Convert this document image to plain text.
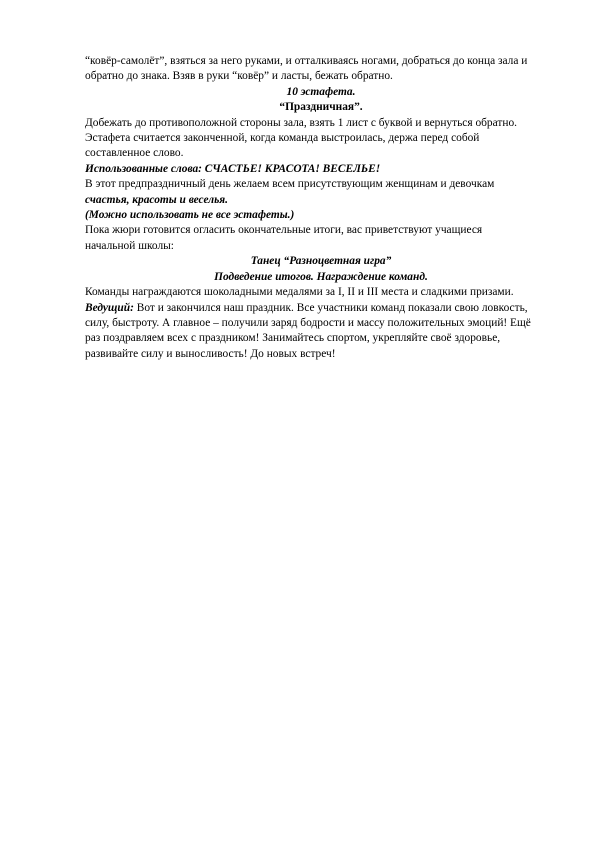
“ковёр-самолёт”, взяться за него руками, и отталкиваясь ногами, добраться до конца зала и
обратно до знака. Взяв в руки “ковёр” и ласты, бежать обратно.
10 эстафета.
“Праздничная”.
Добежать до противоположной стороны зала, взять 1 лист с буквой и вернуться обратно.
Эстафета считается законченной, когда команда выстроилась, держа перед собой
составленное слово.
Использованные слова: СЧАСТЬЕ! КРАСОТА! ВЕСЕЛЬЕ!
В этот предпраздничный день желаем всем присутствующим женщинам и девочкам
счастья, красоты и веселья.
(Можно использовать не все эстафеты.)
Пока жюри готовится огласить окончательные итоги, вас приветствуют учащиеся
начальной школы:
Танец “Разноцветная игра”
Подведение итогов. Награждение команд.
Команды награждаются шоколадными медалями за I, II и III места и сладкими призами.
Ведущий: Вот и закончился наш праздник. Все участники команд показали свою ловкость,
силу, быстроту. А главное – получили заряд бодрости и массу положительных эмоций! Ещё
раз поздравляем всех с праздником! Занимайтесь спортом, укрепляйте своё здоровье,
развивайте силу и выносливость! До новых встреч!
